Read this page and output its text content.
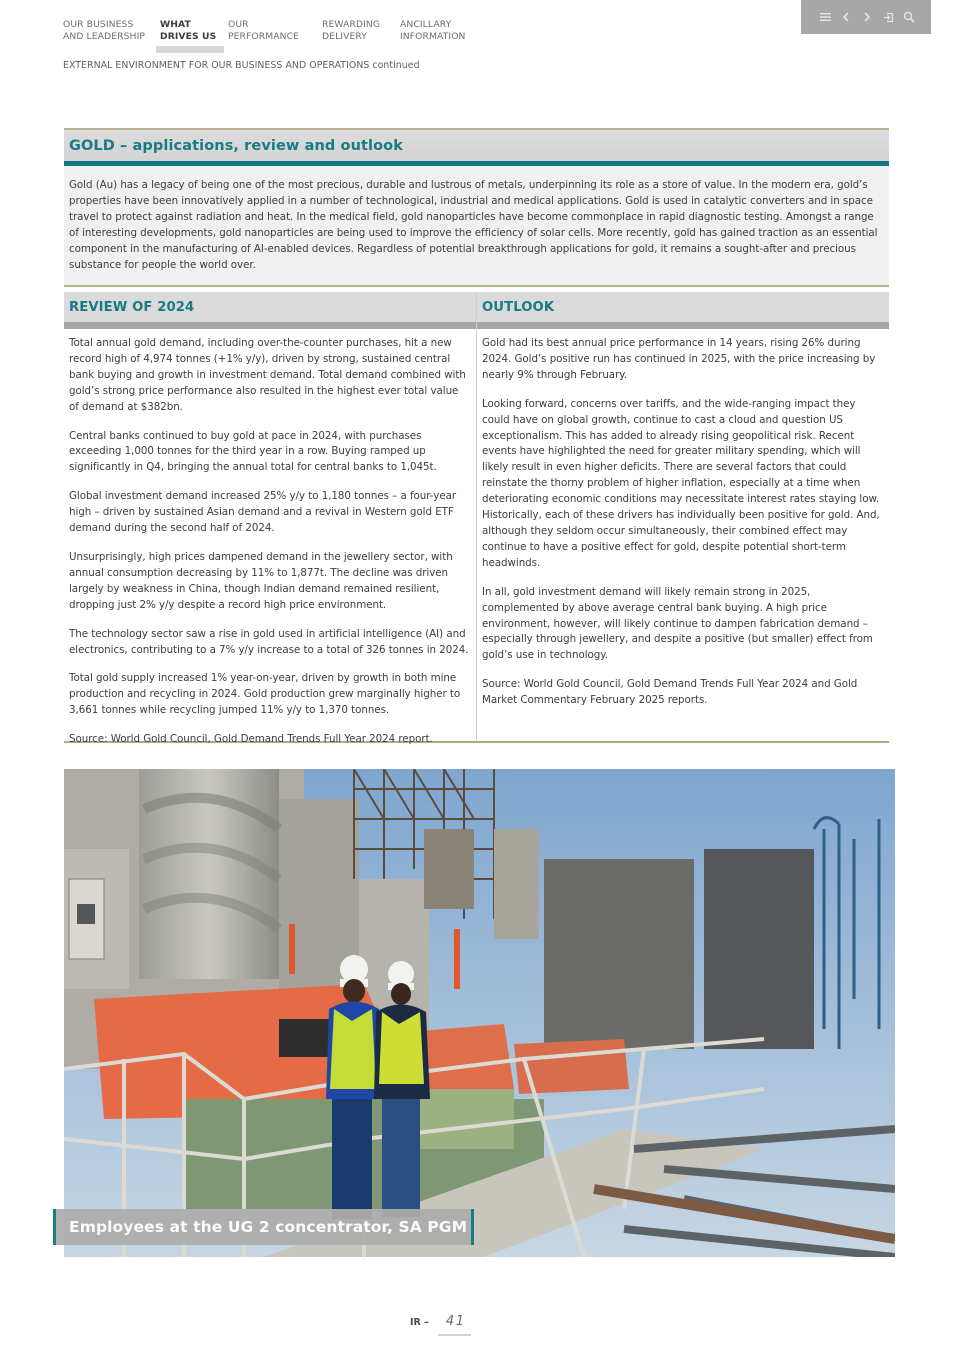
OUR BUSINESS
AND LEADERSHIP
WHAT
DRIVES US
OUR
PERFORMANCE
REWARDING
DELIVERY
ANCILLARY
INFORMATION
EXTERNAL ENVIRONMENT FOR OUR BUSINESS AND OPERATIONS continued
GOLD – applications, review and outlook

Gold (Au) has a legacy of being one of the most precious, durable and lustrous of metals, underpinning its role as a store of value. In the modern era, gold’s properties have been innovatively applied in a number of technological, industrial and medical applications. Gold is used in catalytic converters and in space travel to protect against radiation and heat. In the medical field, gold nanoparticles have become commonplace in rapid diagnostic testing. Amongst a range of interesting developments, gold nanoparticles are being used to improve the efficiency of solar cells. More recently, gold has gained traction as an essential component in the manufacturing of AI-enabled devices. Regardless of potential breakthrough applications for gold, it remains a sought-after and precious substance for people the world over.

REVIEW OF 2024

Total annual gold demand, including over-the-counter purchases, hit a new record high of 4,974 tonnes (+1% y/y), driven by strong, sustained central bank buying and growth in investment demand. Total demand combined with gold’s strong price performance also resulted in the highest ever total value of demand at $382bn.

Central banks continued to buy gold at pace in 2024, with purchases exceeding 1,000 tonnes for the third year in a row. Buying ramped up significantly in Q4, bringing the annual total for central banks to 1,045t.

Global investment demand increased 25% y/y to 1,180 tonnes – a four-year high – driven by sustained Asian demand and a revival in Western gold ETF demand during the second half of 2024.

Unsurprisingly, high prices dampened demand in the jewellery sector, with annual consumption decreasing by 11% to 1,877t. The decline was driven largely by weakness in China, though Indian demand remained resilient, dropping just 2% y/y despite a record high price environment.

The technology sector saw a rise in gold used in artificial intelligence (AI) and electronics, contributing to a 7% y/y increase to a total of 326 tonnes in 2024.

Total gold supply increased 1% year-on-year, driven by growth in both mine production and recycling in 2024. Gold production grew marginally higher to 3,661 tonnes while recycling jumped 11% y/y to 1,370 tonnes.

Source: World Gold Council, Gold Demand Trends Full Year 2024 report.

OUTLOOK

Gold had its best annual price performance in 14 years, rising 26% during 2024. Gold’s positive run has continued in 2025, with the price increasing by nearly 9% through February.

Looking forward, concerns over tariffs, and the wide-ranging impact they could have on global growth, continue to cast a cloud and question US exceptionalism. This has added to already rising geopolitical risk. Recent events have highlighted the need for greater military spending, which will likely result in even higher deficits. There are several factors that could reinstate the thorny problem of higher inflation, especially at a time when deteriorating economic conditions may necessitate interest rates staying low. Historically, each of these drivers has individually been positive for gold. And, although they seldom occur simultaneously, their combined effect may continue to have a positive effect for gold, despite potential short-term headwinds.

In all, gold investment demand will likely remain strong in 2025, complemented by above average central bank buying. A high price environment, however, will likely continue to dampen fabrication demand – especially through jewellery, and despite a positive (but smaller) effect from gold’s use in technology.

Source: World Gold Council, Gold Demand Trends Full Year 2024 and Gold Market Commentary February 2025 reports.

Employees at the UG 2 concentrator, SA PGM
IR – 41
